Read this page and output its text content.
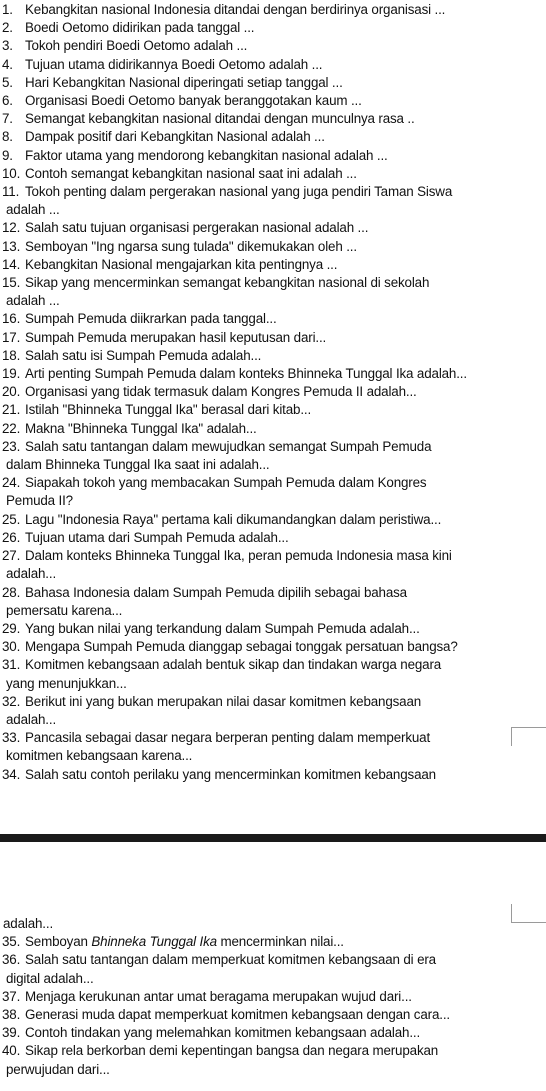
1. Kebangkitan nasional Indonesia ditandai dengan berdirinya organisasi ...
2. Boedi Oetomo didirikan pada tanggal ...
3. Tokoh pendiri Boedi Oetomo adalah ...
4. Tujuan utama didirikannya Boedi Oetomo adalah ...
5. Hari Kebangkitan Nasional diperingati setiap tanggal ...
6. Organisasi Boedi Oetomo banyak beranggotakan kaum ...
7. Semangat kebangkitan nasional ditandai dengan munculnya rasa ..
8. Dampak positif dari Kebangkitan Nasional adalah ...
9. Faktor utama yang mendorong kebangkitan nasional adalah ...
10. Contoh semangat kebangkitan nasional saat ini adalah ...
11. Tokoh penting dalam pergerakan nasional yang juga pendiri Taman Siswa
adalah ...
12. Salah satu tujuan organisasi pergerakan nasional adalah ...
13. Semboyan "Ing ngarsa sung tulada" dikemukakan oleh ...
14. Kebangkitan Nasional mengajarkan kita pentingnya ...
15. Sikap yang mencerminkan semangat kebangkitan nasional di sekolah
adalah ...
16. Sumpah Pemuda diikrarkan pada tanggal...
17. Sumpah Pemuda merupakan hasil keputusan dari...
18. Salah satu isi Sumpah Pemuda adalah...
19. Arti penting Sumpah Pemuda dalam konteks Bhinneka Tunggal Ika adalah...
20. Organisasi yang tidak termasuk dalam Kongres Pemuda II adalah...
21. Istilah "Bhinneka Tunggal Ika" berasal dari kitab...
22. Makna "Bhinneka Tunggal Ika" adalah...
23. Salah satu tantangan dalam mewujudkan semangat Sumpah Pemuda
dalam Bhinneka Tunggal Ika saat ini adalah...
24. Siapakah tokoh yang membacakan Sumpah Pemuda dalam Kongres
Pemuda II?
25. Lagu "Indonesia Raya" pertama kali dikumandangkan dalam peristiwa...
26. Tujuan utama dari Sumpah Pemuda adalah...
27. Dalam konteks Bhinneka Tunggal Ika, peran pemuda Indonesia masa kini
adalah...
28. Bahasa Indonesia dalam Sumpah Pemuda dipilih sebagai bahasa
pemersatu karena...
29. Yang bukan nilai yang terkandung dalam Sumpah Pemuda adalah...
30. Mengapa Sumpah Pemuda dianggap sebagai tonggak persatuan bangsa?
31. Komitmen kebangsaan adalah bentuk sikap dan tindakan warga negara
yang menunjukkan...
32. Berikut ini yang bukan merupakan nilai dasar komitmen kebangsaan
adalah...
33. Pancasila sebagai dasar negara berperan penting dalam memperkuat
komitmen kebangsaan karena...
34. Salah satu contoh perilaku yang mencerminkan komitmen kebangsaan
adalah...
35. Semboyan Bhinneka Tunggal Ika mencerminkan nilai...
36. Salah satu tantangan dalam memperkuat komitmen kebangsaan di era
digital adalah...
37. Menjaga kerukunan antar umat beragama merupakan wujud dari...
38. Generasi muda dapat memperkuat komitmen kebangsaan dengan cara...
39. Contoh tindakan yang melemahkan komitmen kebangsaan adalah...
40. Sikap rela berkorban demi kepentingan bangsa dan negara merupakan
perwujudan dari...
